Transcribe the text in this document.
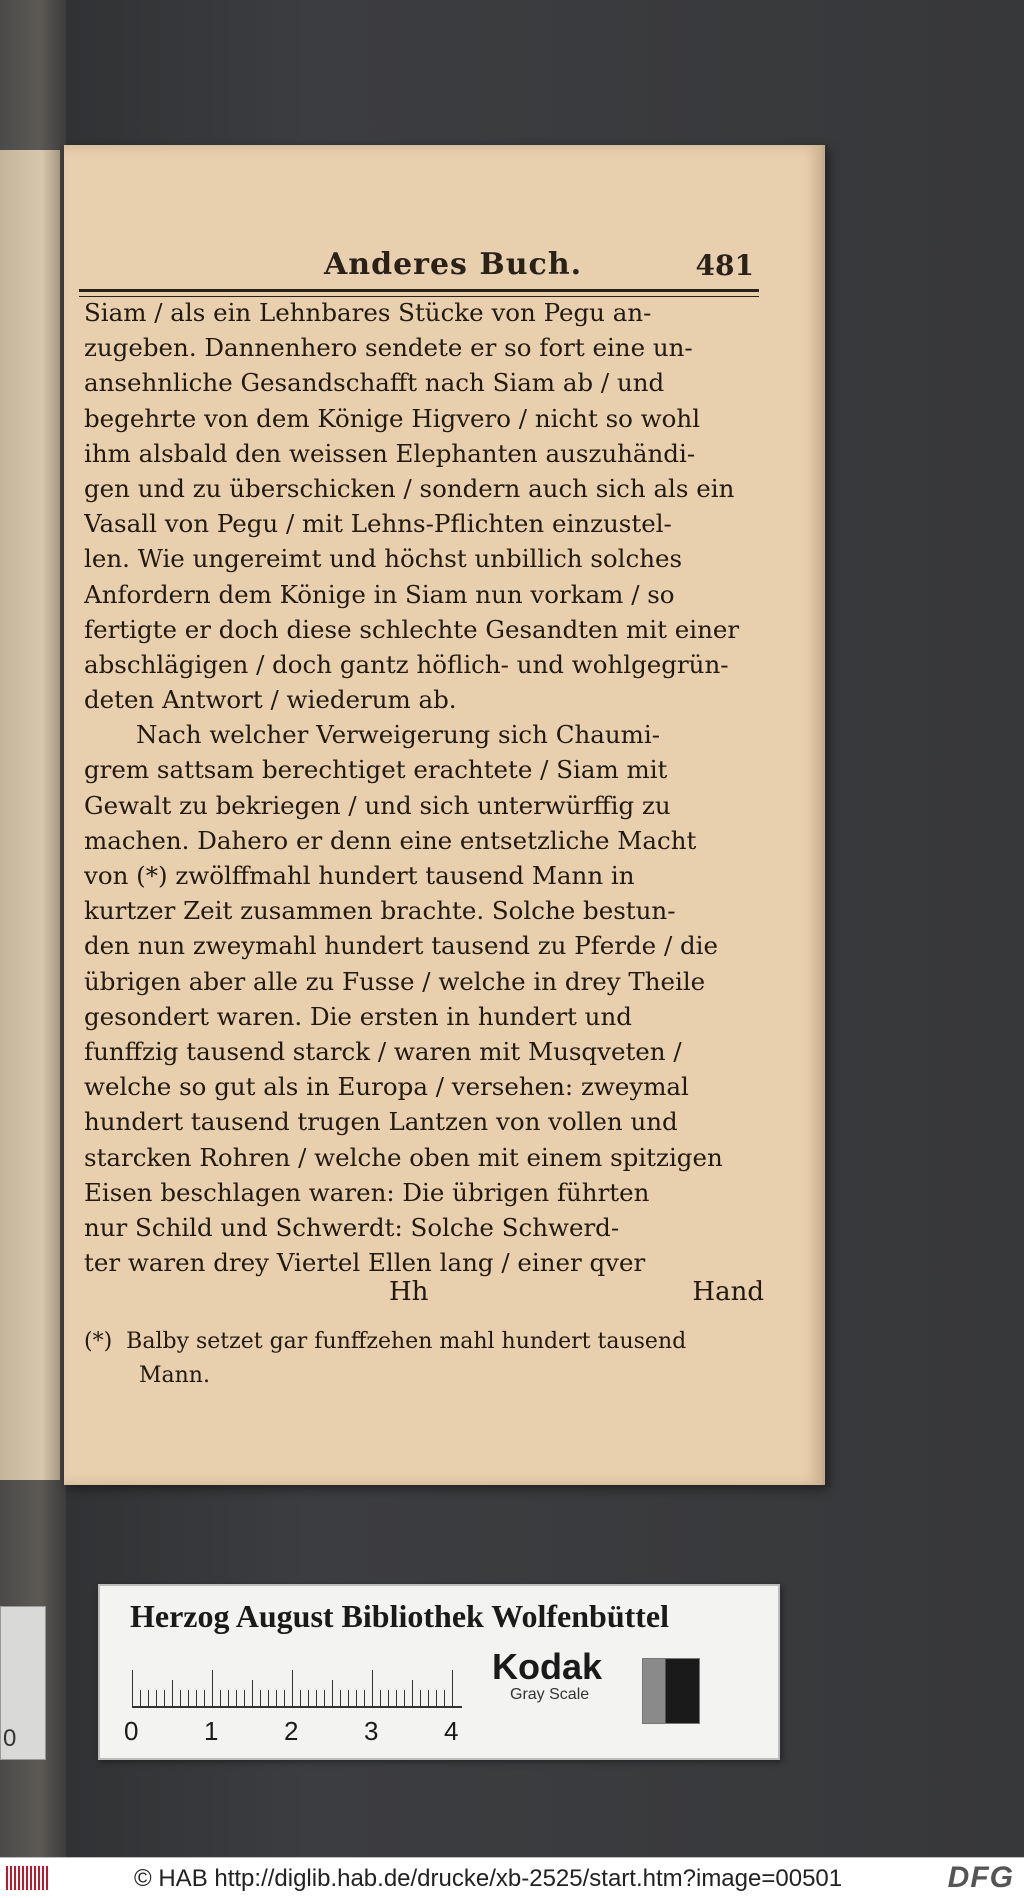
0
Anderes Buch.	481
Siam / als ein Lehnbares Stücke von Pegu an-
zugeben. Dannenhero sendete er so fort eine un-
ansehnliche Gesandschafft nach Siam ab / und
begehrte von dem Könige Higvero / nicht so wohl
ihm alsbald den weissen Elephanten auszuhändi-
gen und zu überschicken / sondern auch sich als ein
Vasall von Pegu / mit Lehns-Pflichten einzustel-
len. Wie ungereimt und höchst unbillich solches
Anfordern dem Könige in Siam nun vorkam / so
fertigte er doch diese schlechte Gesandten mit einer
abschlägigen / doch gantz höflich- und wohlgegrün-
deten Antwort / wiederum ab.
Nach welcher Verweigerung sich Chaumi-
grem sattsam berechtiget erachtete / Siam mit
Gewalt zu bekriegen / und sich unterwürffig zu
machen. Dahero er denn eine entsetzliche Macht
von (*) zwölffmahl hundert tausend Mann in
kurtzer Zeit zusammen brachte. Solche bestun-
den nun zweymahl hundert tausend zu Pferde / die
übrigen aber alle zu Fusse / welche in drey Theile
gesondert waren. Die ersten in hundert und
funffzig tausend starck / waren mit Musqveten /
welche so gut als in Europa / versehen: zweymal
hundert tausend trugen Lantzen von vollen und
starcken Rohren / welche oben mit einem spitzigen
Eisen beschlagen waren: Die übrigen führten
nur Schild und Schwerdt: Solche Schwerd-
ter waren drey Viertel Ellen lang / einer qver
Hh	Hand
(*) Balby setzet gar funffzehen mahl hundert tausend
Mann.
Herzog August Bibliothek Wolfenbüttel
0	1	2	3	4
Kodak
Gray Scale
© HAB http://diglib.hab.de/drucke/xb-2525/start.htm?image=00501	DFG
